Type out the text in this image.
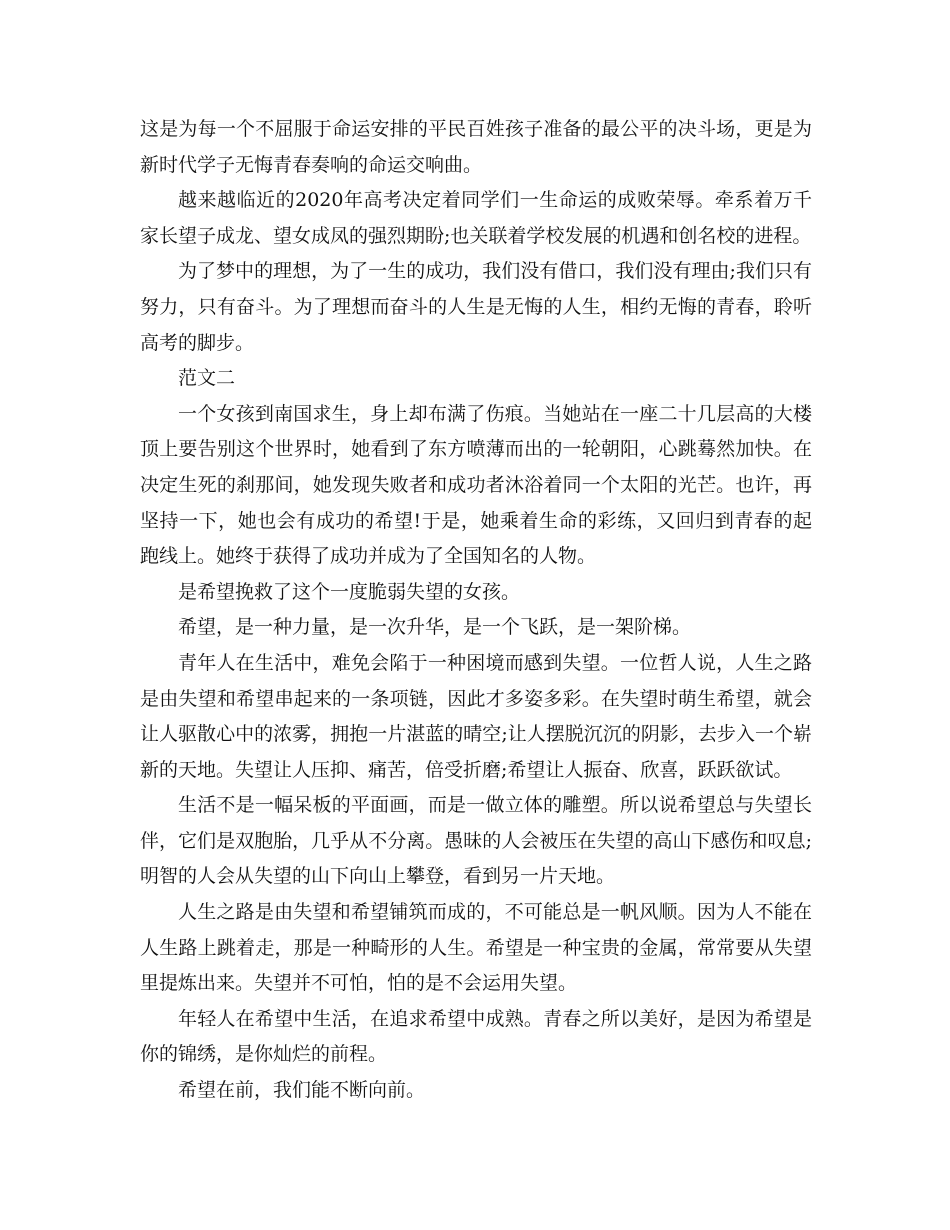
这是为每一个不屈服于命运安排的平民百姓孩子准备的最公平的决斗场，更是为新时代学子无悔青春奏响的命运交响曲。

越来越临近的2020年高考决定着同学们一生命运的成败荣辱。牵系着万千家长望子成龙、望女成凤的强烈期盼;也关联着学校发展的机遇和创名校的进程。

为了梦中的理想，为了一生的成功，我们没有借口，我们没有理由;我们只有努力，只有奋斗。为了理想而奋斗的人生是无悔的人生，相约无悔的青春，聆听高考的脚步。

范文二

一个女孩到南国求生，身上却布满了伤痕。当她站在一座二十几层高的大楼顶上要告别这个世界时，她看到了东方喷薄而出的一轮朝阳，心跳蓦然加快。在决定生死的刹那间，她发现失败者和成功者沐浴着同一个太阳的光芒。也许，再坚持一下，她也会有成功的希望!于是，她乘着生命的彩练，又回归到青春的起跑线上。她终于获得了成功并成为了全国知名的人物。

是希望挽救了这个一度脆弱失望的女孩。

希望，是一种力量，是一次升华，是一个飞跃，是一架阶梯。

青年人在生活中，难免会陷于一种困境而感到失望。一位哲人说，人生之路是由失望和希望串起来的一条项链，因此才多姿多彩。在失望时萌生希望，就会让人驱散心中的浓雾，拥抱一片湛蓝的晴空;让人摆脱沉沉的阴影，去步入一个崭新的天地。失望让人压抑、痛苦，倍受折磨;希望让人振奋、欣喜，跃跃欲试。

生活不是一幅呆板的平面画，而是一做立体的雕塑。所以说希望总与失望长伴，它们是双胞胎，几乎从不分离。愚昧的人会被压在失望的高山下感伤和叹息;明智的人会从失望的山下向山上攀登，看到另一片天地。

人生之路是由失望和希望铺筑而成的，不可能总是一帆风顺。因为人不能在人生路上跳着走，那是一种畸形的人生。希望是一种宝贵的金属，常常要从失望里提炼出来。失望并不可怕，怕的是不会运用失望。

年轻人在希望中生活，在追求希望中成熟。青春之所以美好，是因为希望是你的锦绣，是你灿烂的前程。

希望在前，我们能不断向前。
